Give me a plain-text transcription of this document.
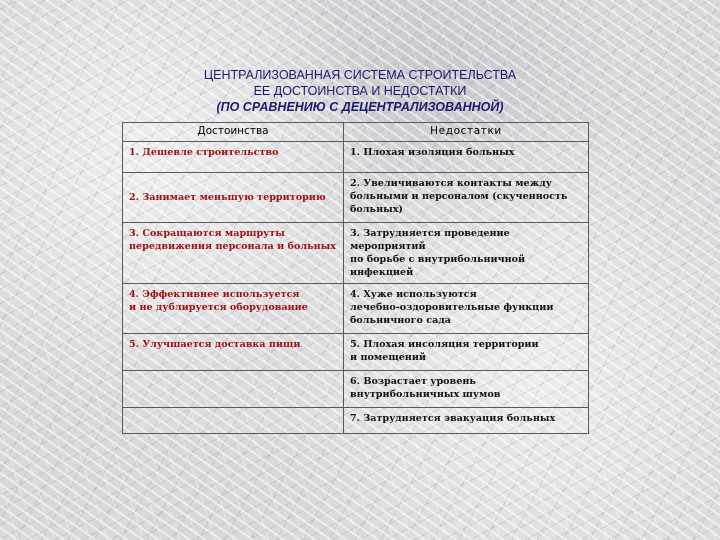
ЦЕНТРАЛИЗОВАННАЯ СИСТЕМА СТРОИТЕЛЬСТВА
ЕЕ ДОСТОИНСТВА И НЕДОСТАТКИ
(ПО СРАВНЕНИЮ С ДЕЦЕНТРАЛИЗОВАННОЙ)
Достоинства	Недостатки
1. Дешевле строительство	1. Плохая изоляция больных
2. Занимает меньшую территорию	2. Увеличиваются контакты между
больными и персоналом (скученность
больных)
3. Сокращаются маршруты
передвижения персонала и больных	3. Затрудняется проведение мероприятий
по борьбе с внутрибольничной
инфекцией
4. Эффективнее используется
и не дублируется оборудование	4. Хуже используются
лечебно-оздоровительные функции
больничного сада
5. Улучшается доставка пищи	5. Плохая инсоляция территории
и помещений
	6. Возрастает уровень
внутрибольничных шумов
	7. Затрудняется эвакуация больных
